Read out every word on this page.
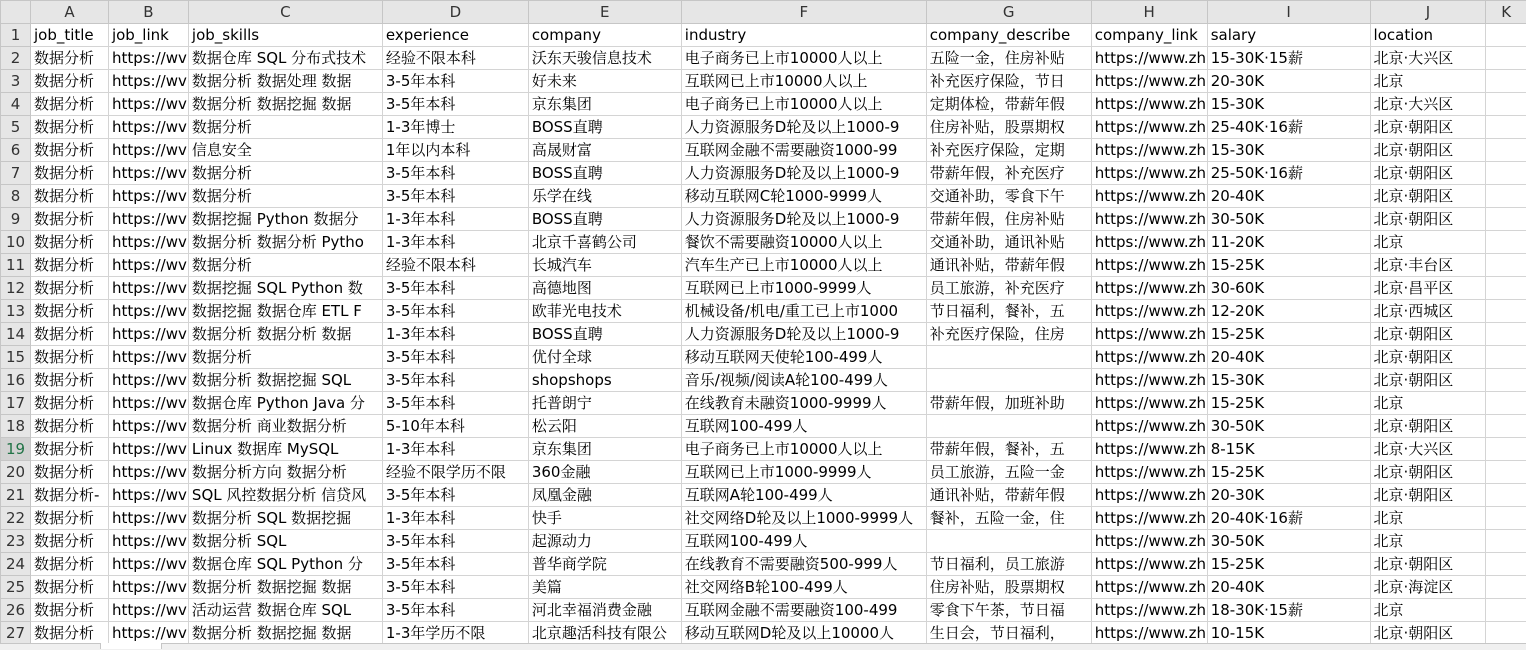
	A	B	C	D	E	F	G	H	I	J	K
1	job_title	job_link	job_skills	experience	company	industry	company_describe	company_link	salary	location	
2	数据分析	https://wv	数据仓库 SQL 分布式技术	经验不限本科	沃东天骏信息技术	电子商务已上市10000人以上	五险一金，住房补贴	https://www.zh	15-30K·15薪	北京·大兴区	
3	数据分析	https://wv	数据分析 数据处理 数据	3-5年本科	好未来	互联网已上市10000人以上	补充医疗保险，节日	https://www.zh	20-30K	北京	
4	数据分析	https://wv	数据分析 数据挖掘 数据	3-5年本科	京东集团	电子商务已上市10000人以上	定期体检，带薪年假	https://www.zh	15-30K	北京·大兴区	
5	数据分析	https://wv	数据分析	1-3年博士	BOSS直聘	人力资源服务D轮及以上1000-9	住房补贴，股票期权	https://www.zh	25-40K·16薪	北京·朝阳区	
6	数据分析	https://wv	信息安全	1年以内本科	高晟财富	互联网金融不需要融资1000-99	补充医疗保险，定期	https://www.zh	15-30K	北京·朝阳区	
7	数据分析	https://wv	数据分析	3-5年本科	BOSS直聘	人力资源服务D轮及以上1000-9	带薪年假，补充医疗	https://www.zh	25-50K·16薪	北京·朝阳区	
8	数据分析	https://wv	数据分析	3-5年本科	乐学在线	移动互联网C轮1000-9999人	交通补助，零食下午	https://www.zh	20-40K	北京·朝阳区	
9	数据分析	https://wv	数据挖掘 Python 数据分	1-3年本科	BOSS直聘	人力资源服务D轮及以上1000-9	带薪年假，住房补贴	https://www.zh	30-50K	北京·朝阳区	
10	数据分析	https://wv	数据分析 数据分析 Pytho	1-3年本科	北京千喜鹤公司	餐饮不需要融资10000人以上	交通补助，通讯补贴	https://www.zh	11-20K	北京	
11	数据分析	https://wv	数据分析	经验不限本科	长城汽车	汽车生产已上市10000人以上	通讯补贴，带薪年假	https://www.zh	15-25K	北京·丰台区	
12	数据分析	https://wv	数据挖掘 SQL Python 数	3-5年本科	高德地图	互联网已上市1000-9999人	员工旅游，补充医疗	https://www.zh	30-60K	北京·昌平区	
13	数据分析	https://wv	数据挖掘 数据仓库 ETL F	3-5年本科	欧菲光电技术	机械设备/机电/重工已上市1000	节日福利，餐补，五	https://www.zh	12-20K	北京·西城区	
14	数据分析	https://wv	数据分析 数据分析 数据	1-3年本科	BOSS直聘	人力资源服务D轮及以上1000-9	补充医疗保险，住房	https://www.zh	15-25K	北京·朝阳区	
15	数据分析	https://wv	数据分析	3-5年本科	优付全球	移动互联网天使轮100-499人		https://www.zh	20-40K	北京·朝阳区	
16	数据分析	https://wv	数据分析 数据挖掘 SQL	3-5年本科	shopshops	音乐/视频/阅读A轮100-499人		https://www.zh	15-30K	北京·朝阳区	
17	数据分析	https://wv	数据仓库 Python Java 分	3-5年本科	托普朗宁	在线教育未融资1000-9999人	带薪年假，加班补助	https://www.zh	15-25K	北京	
18	数据分析	https://wv	数据分析 商业数据分析	5-10年本科	松云阳	互联网100-499人		https://www.zh	30-50K	北京·朝阳区	
19	数据分析	https://wv	Linux 数据库 MySQL	1-3年本科	京东集团	电子商务已上市10000人以上	带薪年假，餐补，五	https://www.zh	8-15K	北京·大兴区	
20	数据分析	https://wv	数据分析方向 数据分析	经验不限学历不限	360金融	互联网已上市1000-9999人	员工旅游，五险一金	https://www.zh	15-25K	北京·朝阳区	
21	数据分析-	https://wv	SQL 风控数据分析 信贷风	3-5年本科	凤凰金融	互联网A轮100-499人	通讯补贴，带薪年假	https://www.zh	20-30K	北京·朝阳区	
22	数据分析	https://wv	数据分析 SQL 数据挖掘	1-3年本科	快手	社交网络D轮及以上1000-9999人	餐补，五险一金，住	https://www.zh	20-40K·16薪	北京	
23	数据分析	https://wv	数据分析 SQL	3-5年本科	起源动力	互联网100-499人		https://www.zh	30-50K	北京	
24	数据分析	https://wv	数据仓库 SQL Python 分	3-5年本科	普华商学院	在线教育不需要融资500-999人	节日福利，员工旅游	https://www.zh	15-25K	北京·朝阳区	
25	数据分析	https://wv	数据分析 数据挖掘 数据	3-5年本科	美篇	社交网络B轮100-499人	住房补贴，股票期权	https://www.zh	20-40K	北京·海淀区	
26	数据分析	https://wv	活动运营 数据仓库 SQL	3-5年本科	河北幸福消费金融	互联网金融不需要融资100-499	零食下午茶，节日福	https://www.zh	18-30K·15薪	北京	
27	数据分析	https://wv	数据分析 数据挖掘 数据	1-3年学历不限	北京趣活科技有限公	移动互联网D轮及以上10000人	生日会，节日福利，	https://www.zh	10-15K	北京·朝阳区	
